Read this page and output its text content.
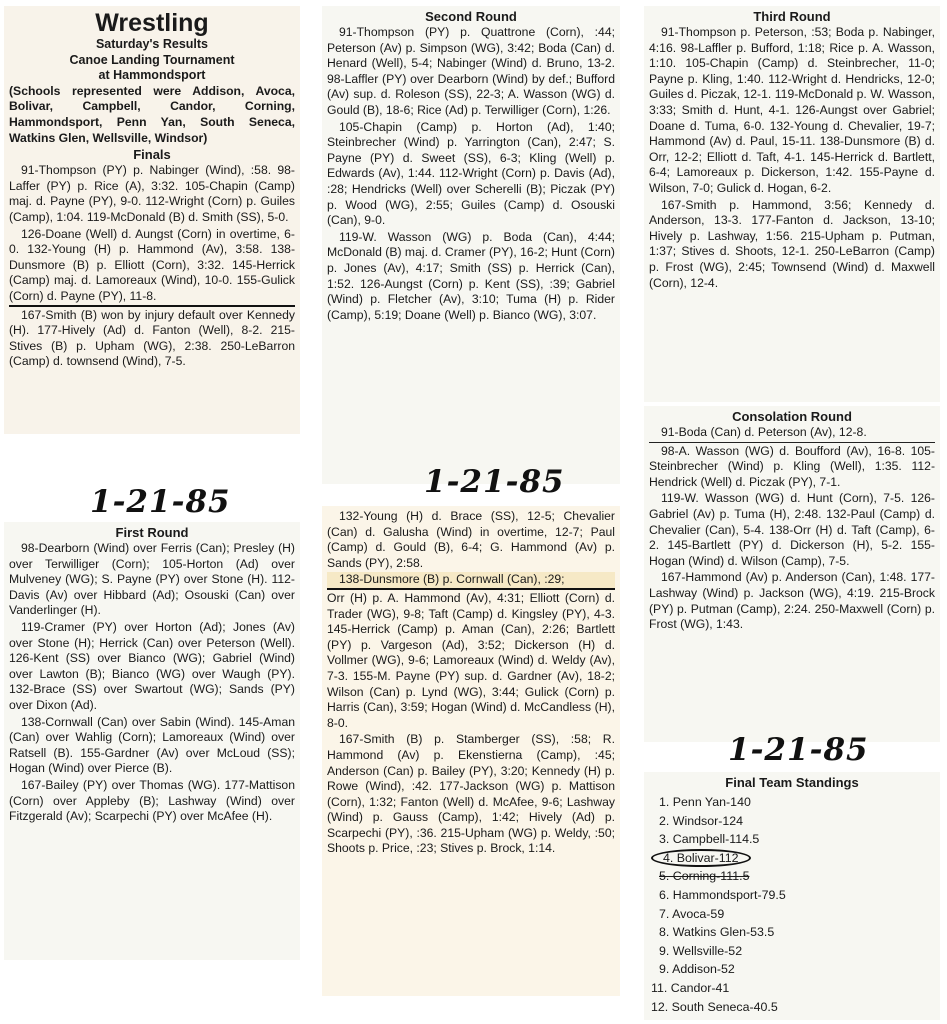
Wrestling
Saturday's Results
Canoe Landing Tournament
at Hammondsport

(Schools represented were Addison, Avoca, Bolivar, Campbell, Candor, Corning, Hammondsport, Penn Yan, South Seneca, Watkins Glen, Wellsville, Windsor)

Finals

91-Thompson (PY) p. Nabinger (Wind), :58. 98-Laffer (PY) p. Rice (A), 3:32. 105-Chapin (Camp) maj. d. Payne (PY), 9-0. 112-Wright (Corn) p. Guiles (Camp), 1:04. 119-McDonald (B) d. Smith (SS), 5-0.

126-Doane (Well) d. Aungst (Corn) in overtime, 6-0. 132-Young (H) p. Hammond (Av), 3:58. 138-Dunsmore (B) p. Elliott (Corn), 3:32. 145-Herrick (Camp) maj. d. Lamoreaux (Wind), 10-0. 155-Gulick (Corn) d. Payne (PY), 11-8.

167-Smith (B) won by injury default over Kennedy (H). 177-Hively (Ad) d. Fanton (Well), 8-2. 215-Stives (B) p. Upham (WG), 2:38. 250-LeBarron (Camp) d. townsend (Wind), 7-5.

1-21-85
First Round

98-Dearborn (Wind) over Ferris (Can); Presley (H) over Terwilliger (Corn); 105-Horton (Ad) over Mulveney (WG); S. Payne (PY) over Stone (H). 112-Davis (Av) over Hibbard (Ad); Osouski (Can) over Vanderlinger (H).

119-Cramer (PY) over Horton (Ad); Jones (Av) over Stone (H); Herrick (Can) over Peterson (Well). 126-Kent (SS) over Bianco (WG); Gabriel (Wind) over Lawton (B); Bianco (WG) over Waugh (PY). 132-Brace (SS) over Swartout (WG); Sands (PY) over Dixon (Ad).

138-Cornwall (Can) over Sabin (Wind). 145-Aman (Can) over Wahlig (Corn); Lamoreaux (Wind) over Ratsell (B). 155-Gardner (Av) over McLoud (SS); Hogan (Wind) over Pierce (B).

167-Bailey (PY) over Thomas (WG). 177-Mattison (Corn) over Appleby (B); Lashway (Wind) over Fitzgerald (Av); Scarpechi (PY) over McAfee (H).

Second Round

91-Thompson (PY) p. Quattrone (Corn), :44; Peterson (Av) p. Simpson (WG), 3:42; Boda (Can) d. Henard (Well), 5-4; Nabinger (Wind) d. Bruno, 13-2. 98-Laffler (PY) over Dearborn (Wind) by def.; Bufford (Av) sup. d. Roleson (SS), 22-3; A. Wasson (WG) d. Gould (B), 18-6; Rice (Ad) p. Terwilliger (Corn), 1:26.

105-Chapin (Camp) p. Horton (Ad), 1:40; Steinbrecher (Wind) p. Yarrington (Can), 2:47; S. Payne (PY) d. Sweet (SS), 6-3; Kling (Well) p. Edwards (Av), 1:44. 112-Wright (Corn) p. Davis (Ad), :28; Hendricks (Well) over Scherelli (B); Piczak (PY) p. Wood (WG), 2:55; Guiles (Camp) d. Osouski (Can), 9-0.

119-W. Wasson (WG) p. Boda (Can), 4:44; McDonald (B) maj. d. Cramer (PY), 16-2; Hunt (Corn) p. Jones (Av), 4:17; Smith (SS) p. Herrick (Can), 1:52. 126-Aungst (Corn) p. Kent (SS), :39; Gabriel (Wind) p. Fletcher (Av), 3:10; Tuma (H) p. Rider (Camp), 5:19; Doane (Well) p. Bianco (WG), 3:07.

1-21-85

132-Young (H) d. Brace (SS), 12-5; Chevalier (Can) d. Galusha (Wind) in overtime, 12-7; Paul (Camp) d. Gould (B), 6-4; G. Hammond (Av) p. Sands (PY), 2:58.

138-Dunsmore (B) p. Cornwall (Can), :29;

Orr (H) p. A. Hammond (Av), 4:31; Elliott (Corn) d. Trader (WG), 9-8; Taft (Camp) d. Kingsley (PY), 4-3. 145-Herrick (Camp) p. Aman (Can), 2:26; Bartlett (PY) p. Vargeson (Ad), 3:52; Dickerson (H) d. Vollmer (WG), 9-6; Lamoreaux (Wind) d. Weldy (Av), 7-3. 155-M. Payne (PY) sup. d. Gardner (Av), 18-2; Wilson (Can) p. Lynd (WG), 3:44; Gulick (Corn) p. Harris (Can), 3:59; Hogan (Wind) d. McCandless (H), 8-0.

167-Smith (B) p. Stamberger (SS), :58; R. Hammond (Av) p. Ekenstierna (Camp), :45; Anderson (Can) p. Bailey (PY), 3:20; Kennedy (H) p. Rowe (Wind), :42. 177-Jackson (WG) p. Mattison (Corn), 1:32; Fanton (Well) d. McAfee, 9-6; Lashway (Wind) p. Gauss (Camp), 1:42; Hively (Ad) p. Scarpechi (PY), :36. 215-Upham (WG) p. Weldy, :50; Shoots p. Price, :23; Stives p. Brock, 1:14.

Third Round

91-Thompson p. Peterson, :53; Boda p. Nabinger, 4:16. 98-Laffler p. Bufford, 1:18; Rice p. A. Wasson, 1:10. 105-Chapin (Camp) d. Steinbrecher, 11-0; Payne p. Kling, 1:40. 112-Wright d. Hendricks, 12-0; Guiles d. Piczak, 12-1. 119-McDonald p. W. Wasson, 3:33; Smith d. Hunt, 4-1. 126-Aungst over Gabriel; Doane d. Tuma, 6-0. 132-Young d. Chevalier, 19-7; Hammond (Av) d. Paul, 15-11. 138-Dunsmore (B) d. Orr, 12-2; Elliott d. Taft, 4-1. 145-Herrick d. Bartlett, 6-4; Lamoreaux p. Dickerson, 1:42. 155-Payne d. Wilson, 7-0; Gulick d. Hogan, 6-2.

167-Smith p. Hammond, 3:56; Kennedy d. Anderson, 13-3. 177-Fanton d. Jackson, 13-10; Hively p. Lashway, 1:56. 215-Upham p. Putman, 1:37; Stives d. Shoots, 12-1. 250-LeBarron (Camp) p. Frost (WG), 2:45; Townsend (Wind) d. Maxwell (Corn), 12-4.

Consolation Round

91-Boda (Can) d. Peterson (Av), 12-8.

98-A. Wasson (WG) d. Boufford (Av), 16-8. 105-Steinbrecher (Wind) p. Kling (Well), 1:35. 112-Hendrick (Well) d. Piczak (PY), 7-1.

119-W. Wasson (WG) d. Hunt (Corn), 7-5. 126-Gabriel (Av) p. Tuma (H), 2:48. 132-Paul (Camp) d. Chevalier (Can), 5-4. 138-Orr (H) d. Taft (Camp), 6-2. 145-Bartlett (PY) d. Dickerson (H), 5-2. 155-Hogan (Wind) d. Wilson (Camp), 7-5.

167-Hammond (Av) p. Anderson (Can), 1:48. 177-Lashway (Wind) p. Jackson (WG), 4:19. 215-Brock (PY) p. Putman (Camp), 2:24. 250-Maxwell (Corn) p. Frost (WG), 1:43.

1-21-85
Final Team Standings
1. Penn Yan-140
2. Windsor-124
3. Campbell-114.5
4. Bolivar-112
5. Corning-111.5
6. Hammondsport-79.5
7. Avoca-59
8. Watkins Glen-53.5
9. Wellsville-52
9. Addison-52
11. Candor-41
12. South Seneca-40.5
